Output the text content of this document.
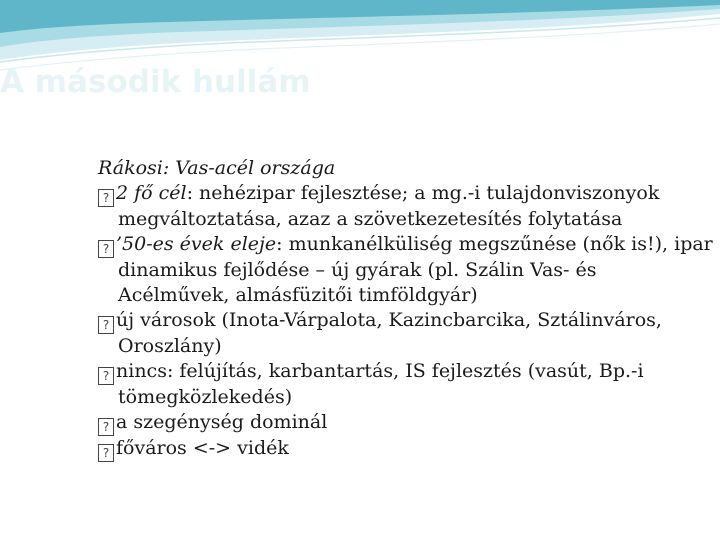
A második hullám

Rákosi: Vas-acél országa

?2 fő cél: nehézipar fejlesztése; a mg.-i tulajdonviszonyok megváltoztatása, azaz a szövetkezetesítés folytatása

?’50-es évek eleje: munkanélküliség megszűnése (nők is!), ipar dinamikus fejlődése – új gyárak (pl. Szálin Vas- és Acélművek, almásfüzitői timföldgyár)

?új városok (Inota-Várpalota, Kazincbarcika, Sztálinváros, Oroszlány)

?nincs: felújítás, karbantartás, IS fejlesztés (vasút, Bp.-i tömegközlekedés)

?a szegénység dominál

?főváros <-> vidék
